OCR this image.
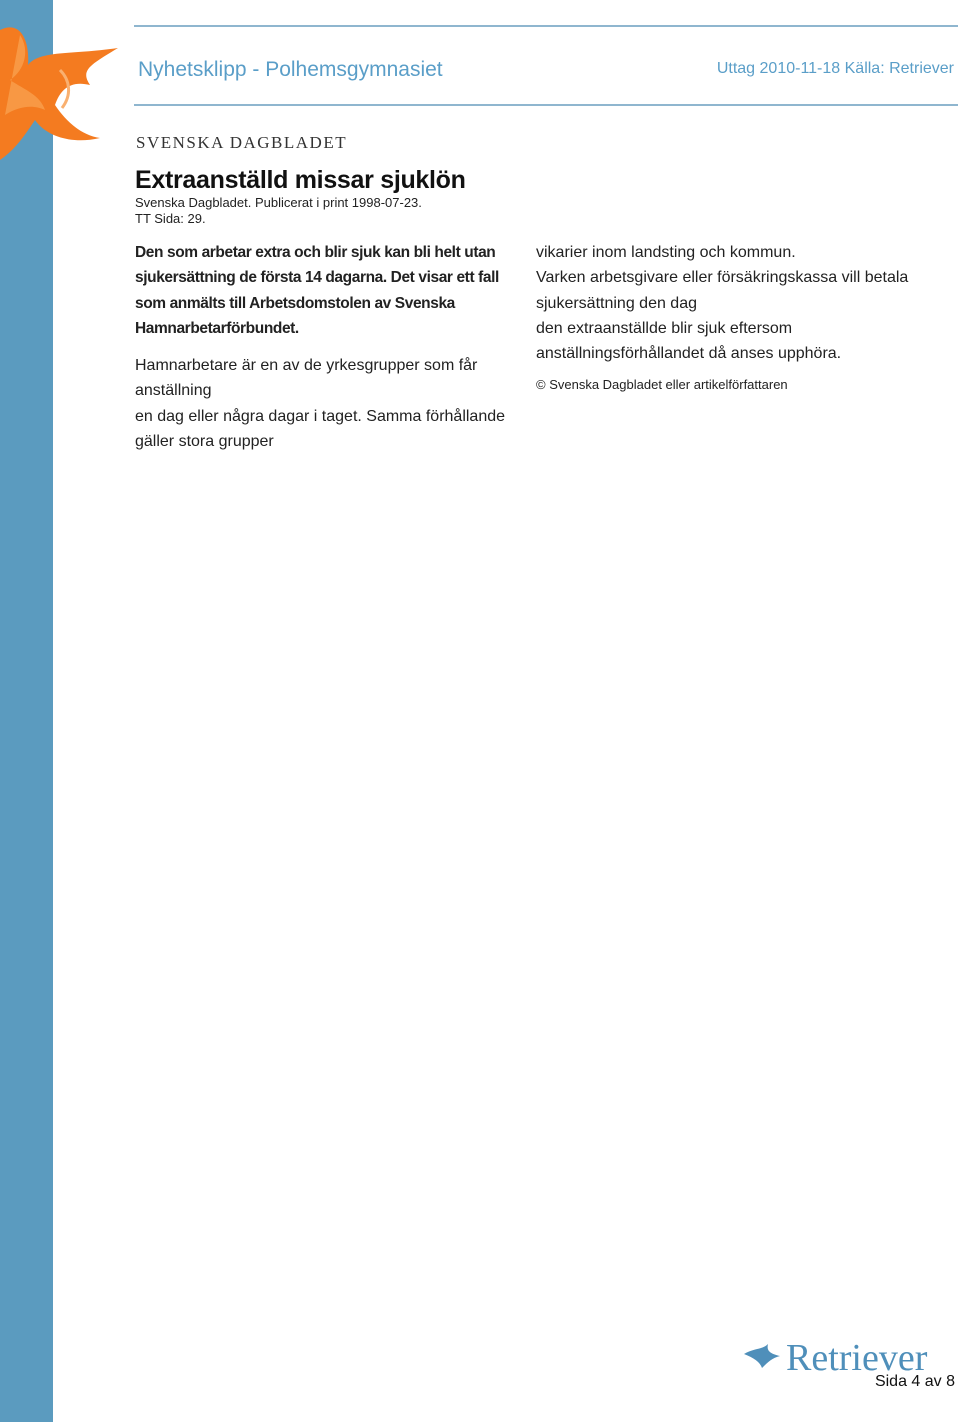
Nyhetsklipp - Polhemsgymnasiet	Uttag 2010-11-18 Källa: Retriever
SVENSKA DAGBLADET
Extraanställd missar sjuklön
Svenska Dagbladet. Publicerat i print 1998-07-23.
TT Sida: 29.

Den som arbetar extra och blir sjuk kan bli helt utan sjukersättning de första 14 dagarna. Det visar ett fall som anmälts till Arbetsdomstolen av Svenska Hamnarbetarförbundet.

Hamnarbetare är en av de yrkesgrupper som får anställning
en dag eller några dagar i taget. Samma förhållande gäller stora grupper

vikarier inom landsting och kommun.
Varken arbetsgivare eller försäkringskassa vill betala sjukersättning den dag
den extraanställde blir sjuk eftersom anställningsförhållandet då anses upphöra.

© Svenska Dagbladet eller artikelförfattaren

Retriever
Sida 4 av 8
